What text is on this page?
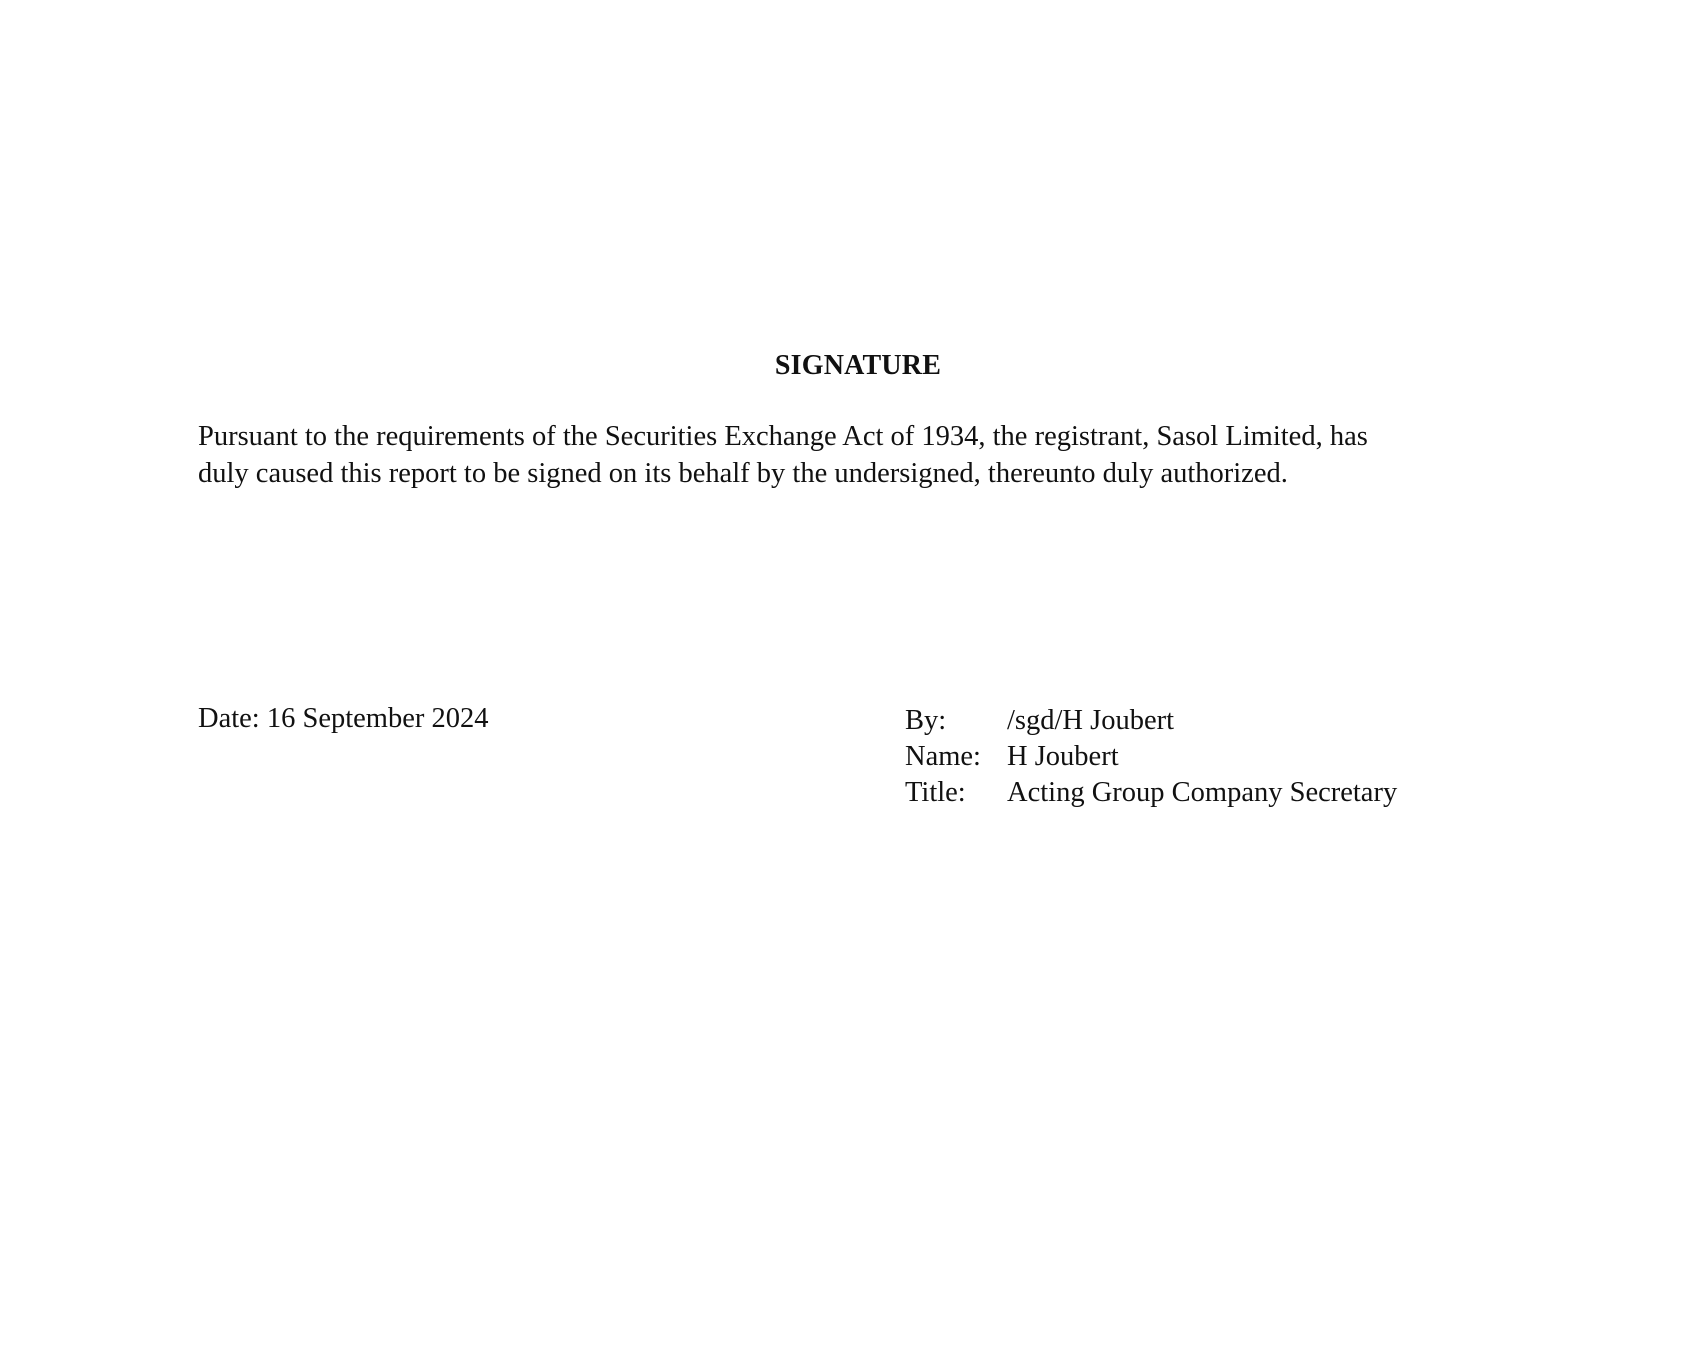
SIGNATURE

Pursuant to the requirements of the Securities Exchange Act of 1934, the registrant, Sasol Limited, has

duly caused this report to be signed on its behalf by the undersigned, thereunto duly authorized.

Date: 16 September 2024	By:	/sgd/H Joubert
Name: H Joubert
Title:	Acting Group Company Secretary
